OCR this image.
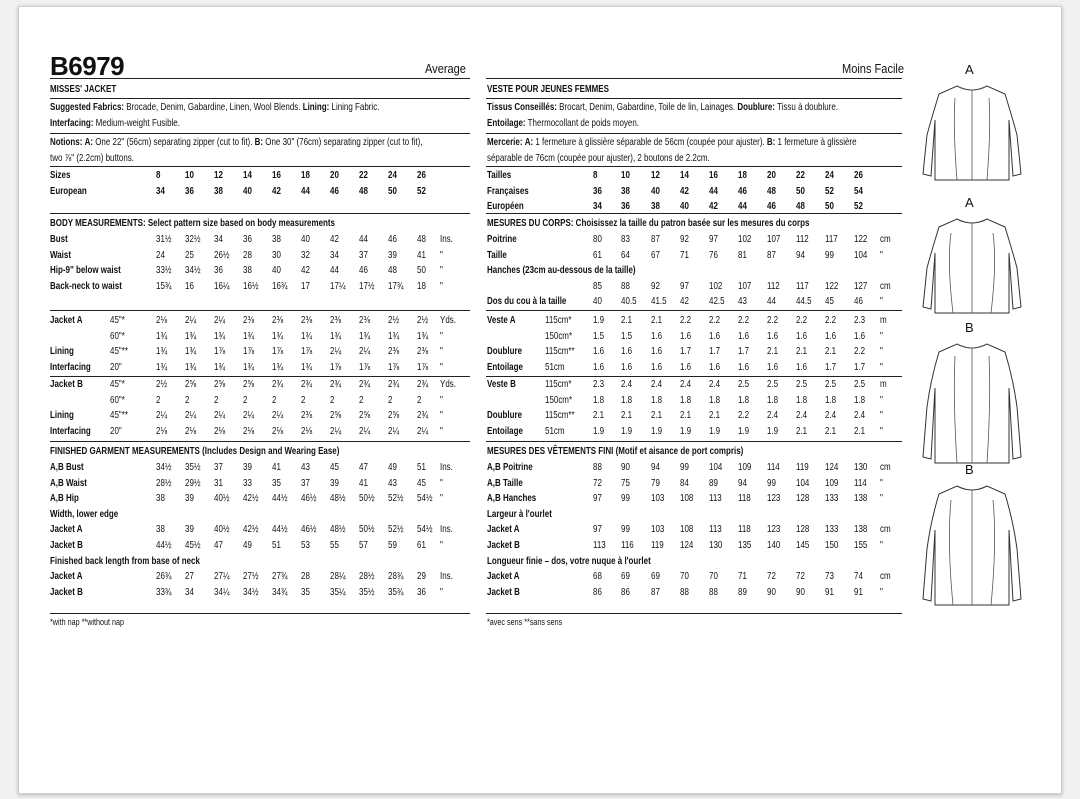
B6979	Average	Moins Facile
MISSES' JACKET
Suggested Fabrics: Brocade, Denim, Gabardine, Linen, Wool Blends. Lining: Lining Fabric.
Interfacing: Medium-weight Fusible.
Notions: A: One 22" (56cm) separating zipper (cut to fit). B: One 30" (76cm) separating zipper (cut to fit),
two ⅞" (2.2cm) buttons.
Sizes	8 10 12 14 16 18 20 22 24 26
European	34 36 38 40 42 44 46 48 50 52
BODY MEASUREMENTS: Select pattern size based on body measurements
Bust	31½ 32½ 34 36 38 40 42 44 46 48 Ins.
Waist	24 25 26½ 28 30 32 34 37 39 41 "
Hip-9" below waist	33½ 34½ 36 38 40 42 44 46 48 50 "
Back-neck to waist	15¾ 16 16¼ 16½ 16¾ 17 17¼ 17½ 17¾ 18 "
Jacket A	45"*	2⅛ 2¼ 2¼ 2⅜ 2⅜ 2⅜ 2⅜ 2⅜ 2½ 2½ Yds.
60"*	1¾ 1¾ 1¾ 1¾ 1¾ 1¾ 1¾ 1¾ 1¾ 1¾ "
Lining	45"**	1¾ 1¾ 1⅞ 1⅞ 1⅞ 1⅞ 2¼ 2¼ 2⅜ 2⅜ "
Interfacing 20"	1¾ 1¾ 1¾ 1¾ 1¾ 1¾ 1⅞ 1⅞ 1⅞ 1⅞ "
Jacket B	45"*	2½ 2⅝ 2⅝ 2⅝ 2¾ 2¾ 2¾ 2¾ 2¾ 2¾ Yds.
60"*	2 2 2 2 2 2 2 2 2 2 "
Lining	45"**	2¼ 2¼ 2¼ 2¼ 2¼ 2⅜ 2⅝ 2⅝ 2⅝ 2¾ "
Interfacing 20"	2⅛ 2⅛ 2⅛ 2⅛ 2⅛ 2⅛ 2¼ 2¼ 2¼ 2¼ "
FINISHED GARMENT MEASUREMENTS (Includes Design and Wearing Ease)
A,B Bust	34½ 35½ 37 39 41 43 45 47 49 51 Ins.
A,B Waist	28½ 29½ 31 33 35 37 39 41 43 45 "
A,B Hip	38 39 40½ 42½ 44½ 46½ 48½ 50½ 52½ 54½ "
Width, lower edge
Jacket A	38 39 40½ 42½ 44½ 46½ 48½ 50½ 52½ 54½ Ins.
Jacket B	44½ 45½ 47 49 51 53 55 57 59 61 "
Finished back length from base of neck
Jacket A	26¾ 27 27¼ 27½ 27¾ 28 28¼ 28½ 28¾ 29 Ins.
Jacket B	33¾ 34 34¼ 34½ 34¾ 35 35¼ 35½ 35¾ 36 "
*with nap **without nap
VESTE POUR JEUNES FEMMES
Tissus Conseillés: Brocart, Denim, Gabardine, Toile de lin, Lainages. Doublure: Tissu à doublure.
Entoilage: Thermocollant de poids moyen.
Mercerie: A: 1 fermeture à glissière séparable de 56cm (coupée pour ajuster). B: 1 fermeture à glissière
séparable de 76cm (coupée pour ajuster), 2 boutons de 2.2cm.
Tailles	8 10 12 14 16 18 20 22 24 26
Françaises	36 38 40 42 44 46 48 50 52 54
Européen	34 36 38 40 42 44 46 48 50 52
MESURES DU CORPS: Choisissez la taille du patron basée sur les mesures du corps
Poitrine	80 83 87 92 97 102 107 112 117 122 cm
Taille	61 64 67 71 76 81 87 94 99 104 "
Hanches (23cm au-dessous de la taille)
85 88 92 97 102 107 112 117 122 127 cm
Dos du cou à la taille	40 40.5 41.5 42 42.5 43 44 44.5 45 46 "
Veste A	115cm* 1.9 2.1 2.1 2.2 2.2 2.2 2.2 2.2 2.2 2.3 m
150cm* 1.5 1.5 1.6 1.6 1.6 1.6 1.6 1.6 1.6 1.6 "
Doublure 115cm** 1.6 1.6 1.6 1.7 1.7 1.7 2.1 2.1 2.1 2.2 "
Entoilage 51cm	1.6 1.6 1.6 1.6 1.6 1.6 1.6 1.6 1.7 1.7 "
Veste B	115cm* 2.3 2.4 2.4 2.4 2.4 2.5 2.5 2.5 2.5 2.5 m
150cm* 1.8 1.8 1.8 1.8 1.8 1.8 1.8 1.8 1.8 1.8 "
Doublure 115cm** 2.1 2.1 2.1 2.1 2.1 2.2 2.4 2.4 2.4 2.4 "
Entoilage 51cm	1.9 1.9 1.9 1.9 1.9 1.9 1.9 2.1 2.1 2.1 "
MESURES DES VÊTEMENTS FINI (Motif et aisance de port compris)
A,B Poitrine	88 90 94 99 104 109 114 119 124 130 cm
A,B Taille	72 75 79 84 89 94 99 104 109 114 "
A,B Hanches	97 99 103 108 113 118 123 128 133 138 "
Largeur à l'ourlet
Jacket A	97 99 103 108 113 118 123 128 133 138 cm
Jacket B	113 116 119 124 130 135 140 145 150 155 "
Longueur finie – dos, votre nuque à l'ourlet
Jacket A	68 69 69 70 70 71 72 72 73 74 cm
Jacket B	86 86 87 88 88 89 90 90 91 91 "
*avec sens **sans sens
A
A
B
B
